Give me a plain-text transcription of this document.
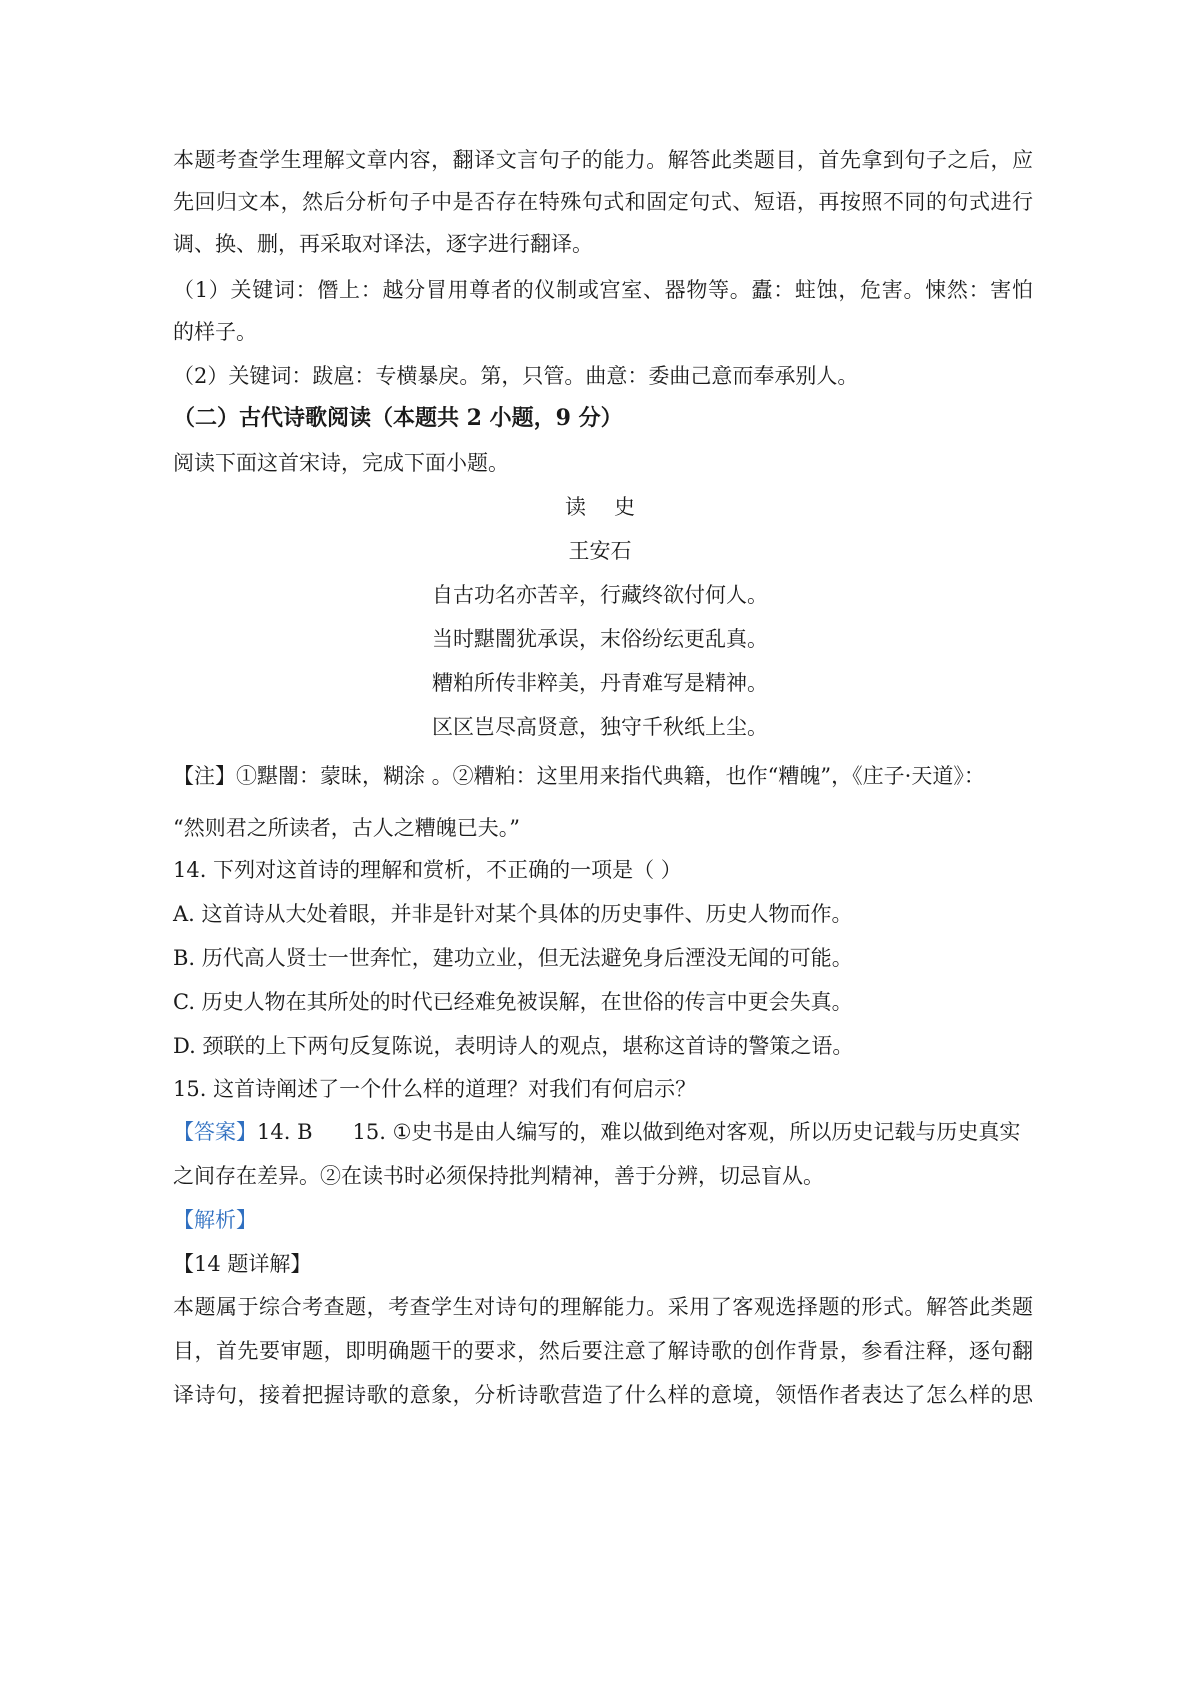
本题考查学生理解文章内容，翻译文言句子的能力。解答此类题目，首先拿到句子之后，应
先回归文本，然后分析句子中是否存在特殊句式和固定句式、短语，再按照不同的句式进行
调、换、删，再采取对译法，逐字进行翻译。
（1）关键词：僭上：越分冒用尊者的仪制或宫室、器物等。蠹：蛀蚀，危害。悚然：害怕
的样子。
（2）关键词：跋扈：专横暴戾。第，只管。曲意：委曲己意而奉承别人。
（二）古代诗歌阅读（本题共 2 小题，9 分）
阅读下面这首宋诗，完成下面小题。
读史
王安石
自古功名亦苦辛，行藏终欲付何人。
当时黮闇犹承误，末俗纷纭更乱真。
糟粕所传非粹美，丹青难写是精神。
区区岂尽高贤意，独守千秋纸上尘。
【注】①黮闇：蒙昧，糊涂 。②糟粕：这里用来指代典籍，也作“糟魄”，《庄子·天道》：
“然则君之所读者，古人之糟魄已夫。”
14. 下列对这首诗的理解和赏析，不正确的一项是（ ）
A. 这首诗从大处着眼，并非是针对某个具体的历史事件、历史人物而作。
B. 历代高人贤士一世奔忙，建功立业，但无法避免身后湮没无闻的可能。
C. 历史人物在其所处的时代已经难免被误解，在世俗的传言中更会失真。
D. 颈联的上下两句反复陈说，表明诗人的观点，堪称这首诗的警策之语。
15. 这首诗阐述了一个什么样的道理？对我们有何启示？
【答案】14. B 15. ①史书是由人编写的，难以做到绝对客观，所以历史记载与历史真实
之间存在差异。②在读书时必须保持批判精神，善于分辨，切忌盲从。
【解析】
【14 题详解】
本题属于综合考查题，考查学生对诗句的理解能力。采用了客观选择题的形式。解答此类题
目，首先要审题，即明确题干的要求，然后要注意了解诗歌的创作背景，参看注释，逐句翻
译诗句，接着把握诗歌的意象，分析诗歌营造了什么样的意境，领悟作者表达了怎么样的思
